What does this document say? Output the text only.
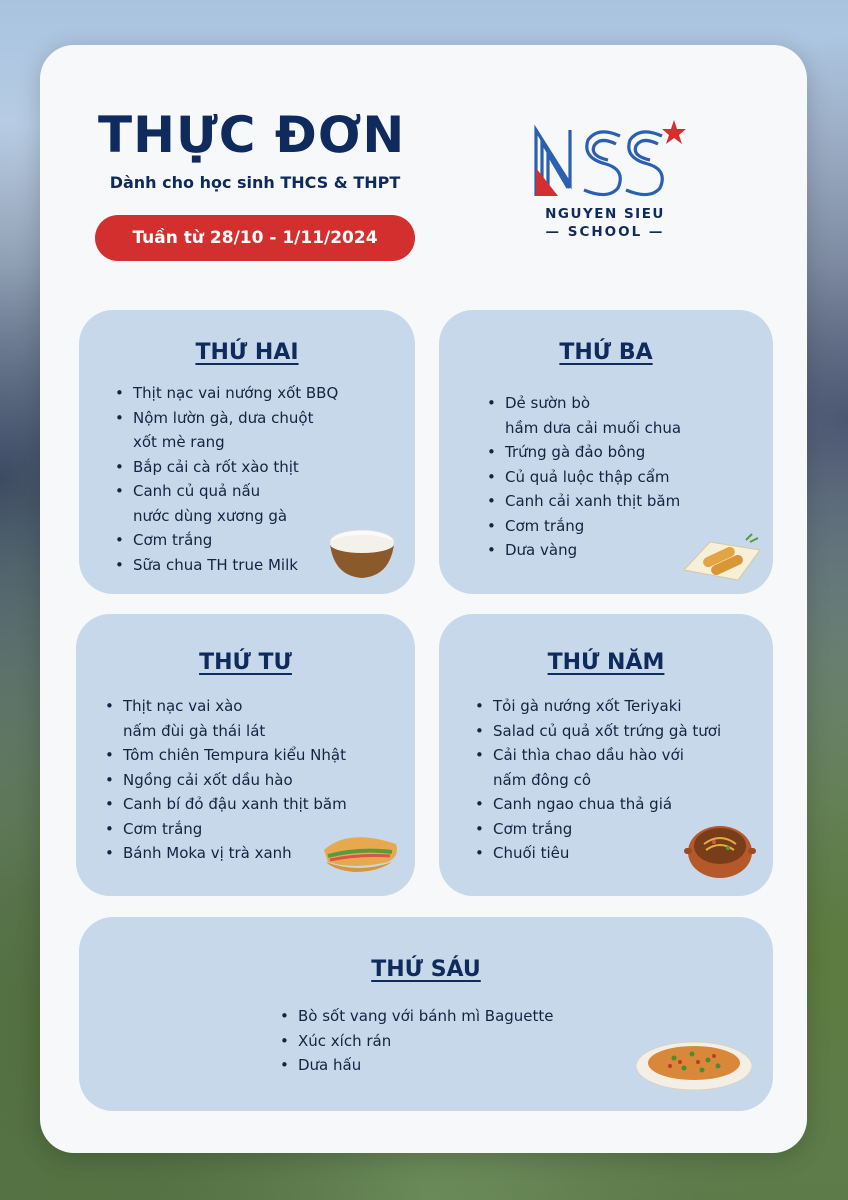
THỰC ĐƠN
Dành cho học sinh THCS & THPT
Tuần từ 28/10 - 1/11/2024
NGUYEN SIEU
— SCHOOL —
THỨ HAI
• Thịt nạc vai nướng xốt BBQ
• Nộm lườn gà, dưa chuột
xốt mè rang
• Bắp cải cà rốt xào thịt
• Canh củ quả nấu
nước dùng xương gà
• Cơm trắng
• Sữa chua TH true Milk
THỨ BA
• Dẻ sườn bò
hầm dưa cải muối chua
• Trứng gà đảo bông
• Củ quả luộc thập cẩm
• Canh cải xanh thịt băm
• Cơm trắng
• Dưa vàng
THỨ TƯ
• Thịt nạc vai xào
nấm đùi gà thái lát
• Tôm chiên Tempura kiểu Nhật
• Ngồng cải xốt dầu hào
• Canh bí đỏ đậu xanh thịt băm
• Cơm trắng
• Bánh Moka vị trà xanh
THỨ NĂM
• Tỏi gà nướng xốt Teriyaki
• Salad củ quả xốt trứng gà tươi
• Cải thìa chao dầu hào với
nấm đông cô
• Canh ngao chua thả giá
• Cơm trắng
• Chuối tiêu
THỨ SÁU
• Bò sốt vang với bánh mì Baguette
• Xúc xích rán
• Dưa hấu
